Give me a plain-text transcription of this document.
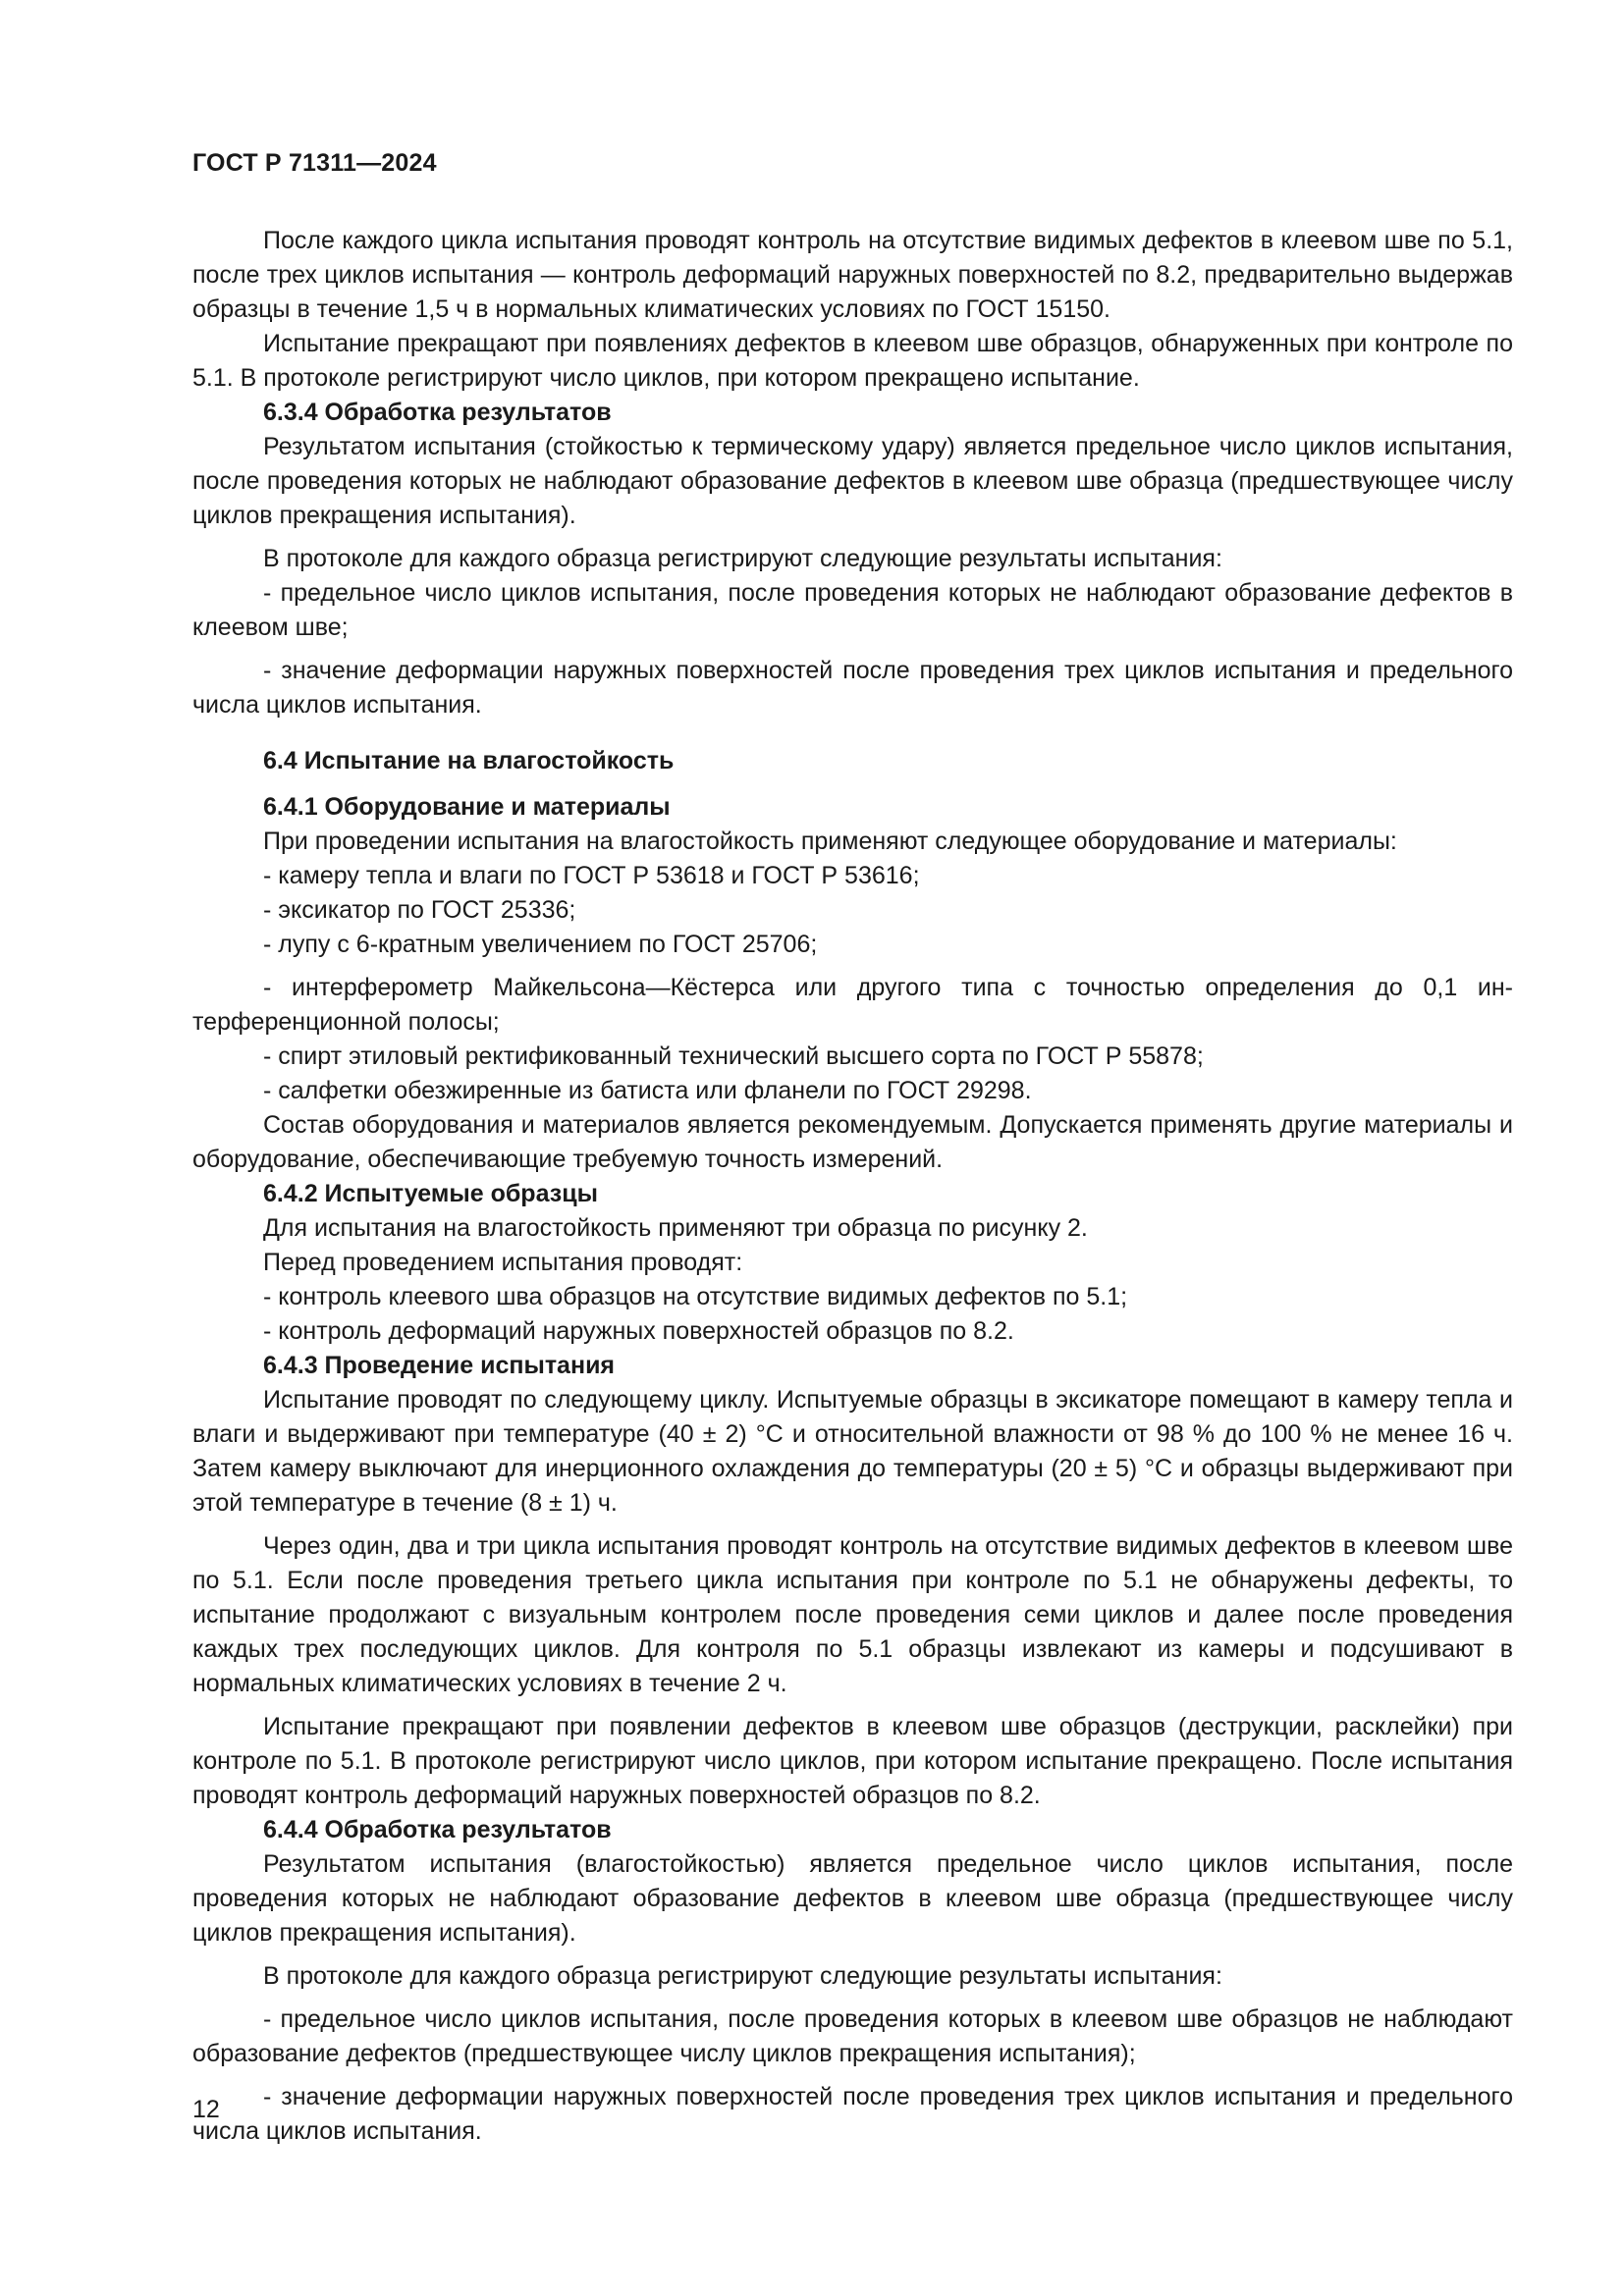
ГОСТ Р 71311—2024

После каждого цикла испытания проводят контроль на отсутствие видимых дефектов в клеевом шве по 5.1, после трех циклов испытания — контроль деформаций наружных поверхностей по 8.2, предварительно выдержав образцы в течение 1,5 ч в нормальных климатических условиях по ГОСТ 15150.

Испытание прекращают при появлениях дефектов в клеевом шве образцов, обнаруженных при контроле по 5.1. В протоколе регистрируют число циклов, при котором прекращено испытание.

6.3.4 Обработка результатов

Результатом испытания (стойкостью к термическому удару) является предельное число циклов испытания, после проведения которых не наблюдают образование дефектов в клеевом шве образца (предшествующее числу циклов прекращения испытания).

В протоколе для каждого образца регистрируют следующие результаты испытания:

- предельное число циклов испытания, после проведения которых не наблюдают образование дефектов в клеевом шве;

- значение деформации наружных поверхностей после проведения трех циклов испытания и предельного числа циклов испытания.

6.4 Испытание на влагостойкость

6.4.1 Оборудование и материалы

При проведении испытания на влагостойкость применяют следующее оборудование и материалы:

- камеру тепла и влаги по ГОСТ Р 53618 и ГОСТ Р 53616;

- эксикатор по ГОСТ 25336;

- лупу с 6-кратным увеличением по ГОСТ 25706;

- интерферометр Майкельсона—Кёстерса или другого типа с точностью определения до 0,1 интерференционной полосы;

- спирт этиловый ректификованный технический высшего сорта по ГОСТ Р 55878;

- салфетки обезжиренные из батиста или фланели по ГОСТ 29298.

Состав оборудования и материалов является рекомендуемым. Допускается применять другие материалы и оборудование, обеспечивающие требуемую точность измерений.

6.4.2 Испытуемые образцы

Для испытания на влагостойкость применяют три образца по рисунку 2.

Перед проведением испытания проводят:

- контроль клеевого шва образцов на отсутствие видимых дефектов по 5.1;

- контроль деформаций наружных поверхностей образцов по 8.2.

6.4.3 Проведение испытания

Испытание проводят по следующему циклу. Испытуемые образцы в эксикаторе помещают в камеру тепла и влаги и выдерживают при температуре (40 ± 2) °С и относительной влажности от 98 % до 100 % не менее 16 ч. Затем камеру выключают для инерционного охлаждения до температуры (20 ± 5) °С и образцы выдерживают при этой температуре в течение (8 ± 1) ч.

Через один, два и три цикла испытания проводят контроль на отсутствие видимых дефектов в клеевом шве по 5.1. Если после проведения третьего цикла испытания при контроле по 5.1 не обнаружены дефекты, то испытание продолжают с визуальным контролем после проведения семи циклов и далее после проведения каждых трех последующих циклов. Для контроля по 5.1 образцы извлекают из камеры и подсушивают в нормальных климатических условиях в течение 2 ч.

Испытание прекращают при появлении дефектов в клеевом шве образцов (деструкции, расклейки) при контроле по 5.1. В протоколе регистрируют число циклов, при котором испытание прекращено. После испытания проводят контроль деформаций наружных поверхностей образцов по 8.2.

6.4.4 Обработка результатов

Результатом испытания (влагостойкостью) является предельное число циклов испытания, после проведения которых не наблюдают образование дефектов в клеевом шве образца (предшествующее числу циклов прекращения испытания).

В протоколе для каждого образца регистрируют следующие результаты испытания:

- предельное число циклов испытания, после проведения которых в клеевом шве образцов не наблюдают образование дефектов (предшествующее числу циклов прекращения испытания);

- значение деформации наружных поверхностей после проведения трех циклов испытания и предельного числа циклов испытания.

12
